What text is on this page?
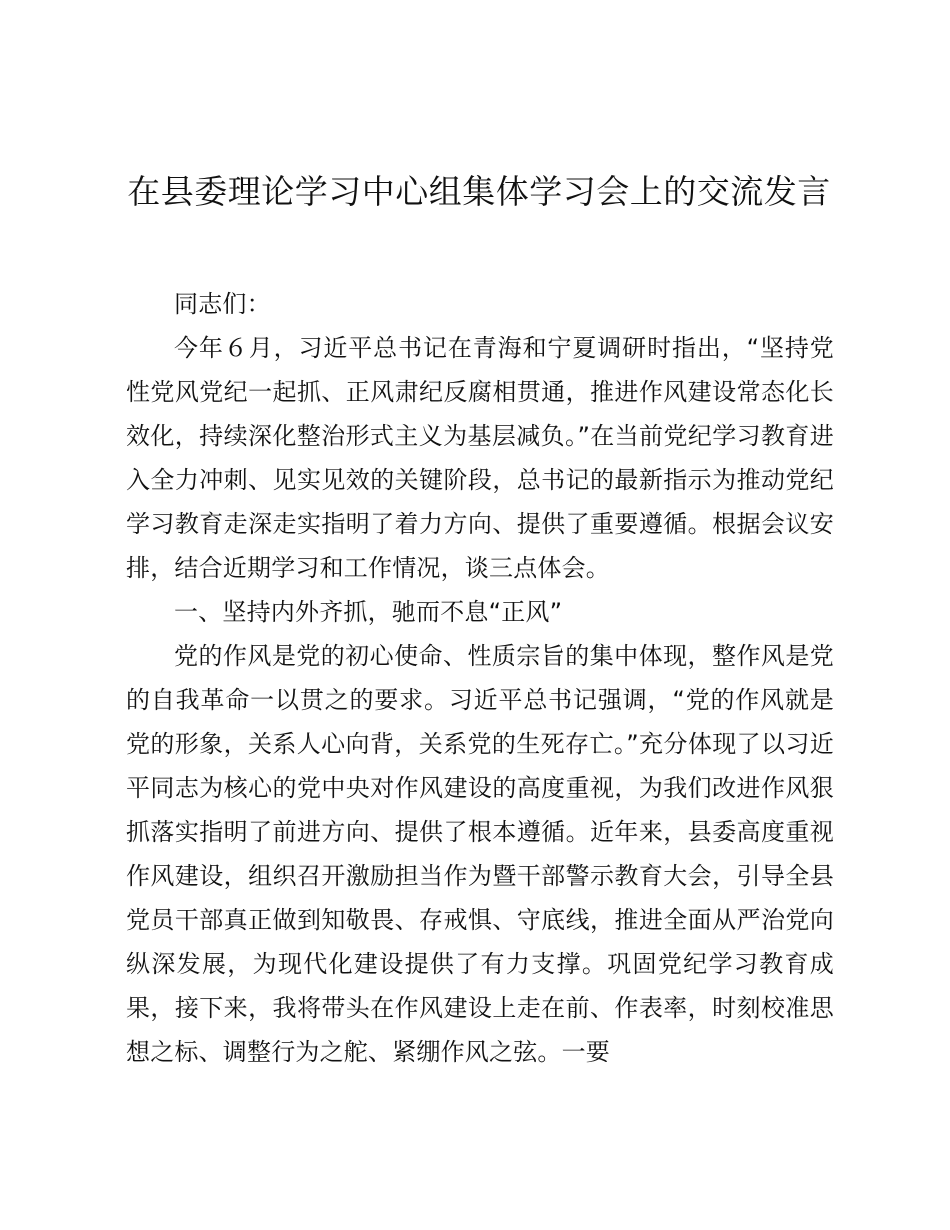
在县委理论学习中心组集体学习会上的交流发言

同志们：

今年６月，习近平总书记在青海和宁夏调研时指出，“坚持党性党风党纪一起抓、正风肃纪反腐相贯通，推进作风建设常态化长效化，持续深化整治形式主义为基层减负。”在当前党纪学习教育进入全力冲刺、见实见效的关键阶段，总书记的最新指示为推动党纪学习教育走深走实指明了着力方向、提供了重要遵循。根据会议安排，结合近期学习和工作情况，谈三点体会。

一、坚持内外齐抓，驰而不息“正风”

党的作风是党的初心使命、性质宗旨的集中体现，整作风是党的自我革命一以贯之的要求。习近平总书记强调，“党的作风就是党的形象，关系人心向背，关系党的生死存亡。”充分体现了以习近平同志为核心的党中央对作风建设的高度重视，为我们改进作风狠抓落实指明了前进方向、提供了根本遵循。近年来，县委高度重视作风建设，组织召开激励担当作为暨干部警示教育大会，引导全县党员干部真正做到知敬畏、存戒惧、守底线，推进全面从严治党向纵深发展，为现代化建设提供了有力支撑。巩固党纪学习教育成果，接下来，我将带头在作风建设上走在前、作表率，时刻校准思想之标、调整行为之舵、紧绷作风之弦。一要
